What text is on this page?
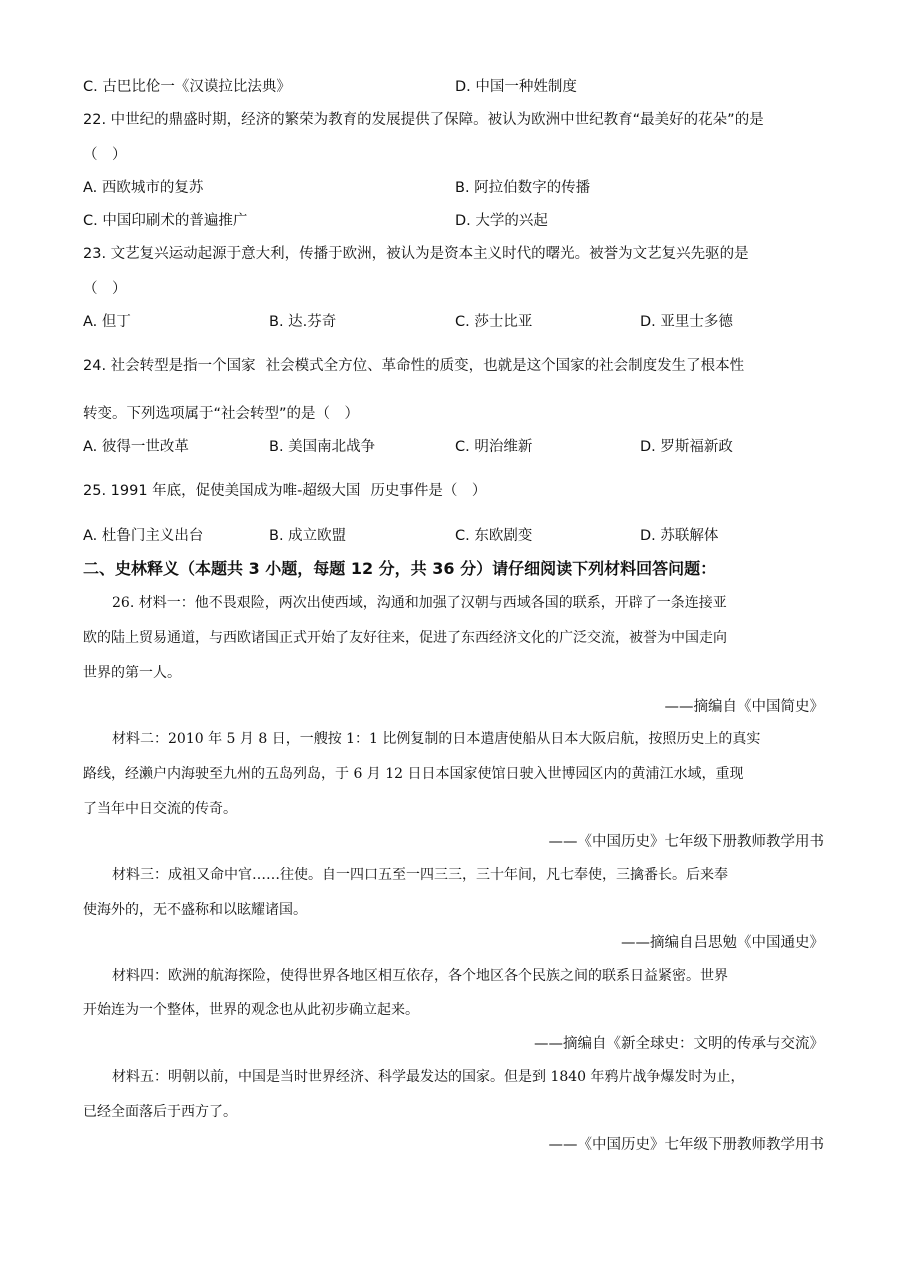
C. 古巴比伦一《汉谟拉比法典》	D. 中国一种姓制度
22. 中世纪的鼎盛时期，经济的繁荣为教育的发展提供了保障。被认为欧洲中世纪教育“最美好的花朵”的是
（　）
A. 西欧城市的复苏	B. 阿拉伯数字的传播
C. 中国印刷术的普遍推广	D. 大学的兴起
23. 文艺复兴运动起源于意大利，传播于欧洲，被认为是资本主义时代的曙光。被誉为文艺复兴先驱的是
（　）
A. 但丁	B. 达.芬奇	C. 莎士比亚	D. 亚里士多德
24. 社会转型是指一个国家 社会模式全方位、革命性的质变，也就是这个国家的社会制度发生了根本性
转变。下列选项属于“社会转型”的是（　）
A. 彼得一世改革	B. 美国南北战争	C. 明治维新	D. 罗斯福新政
25. 1991 年底，促使美国成为唯-超级大国 历史事件是（　）
A. 杜鲁门主义出台	B. 成立欧盟	C. 东欧剧变	D. 苏联解体
二、史林释义（本题共 3 小题，每题 12 分，共 36 分）请仔细阅读下列材料回答问题：
26. 材料一：他不畏艰险，两次出使西域，沟通和加强了汉朝与西域各国的联系，开辟了一条连接亚
欧的陆上贸易通道，与西欧诸国正式开始了友好往来，促进了东西经济文化的广泛交流，被誉为中国走向
世界的第一人。
——摘编自《中国简史》
材料二：2010 年 5 月 8 日，一艘按 1：1 比例复制的日本遣唐使船从日本大阪启航，按照历史上的真实
路线，经濑户内海驶至九州的五岛列岛，于 6 月 12 日日本国家使馆日驶入世博园区内的黄浦江水域，重现
了当年中日交流的传奇。
——《中国历史》七年级下册教师教学用书
材料三：成祖又命中官……往使。自一四口五至一四三三，三十年间，凡七奉使，三擒番长。后来奉
使海外的，无不盛称和以眩耀诸国。
——摘编自吕思勉《中国通史》
材料四：欧洲的航海探险，使得世界各地区相互依存，各个地区各个民族之间的联系日益紧密。世界
开始连为一个整体，世界的观念也从此初步确立起来。
——摘编自《新全球史：文明的传承与交流》
材料五：明朝以前，中国是当时世界经济、科学最发达的国家。但是到 1840 年鸦片战争爆发时为止，
已经全面落后于西方了。
——《中国历史》七年级下册教师教学用书
